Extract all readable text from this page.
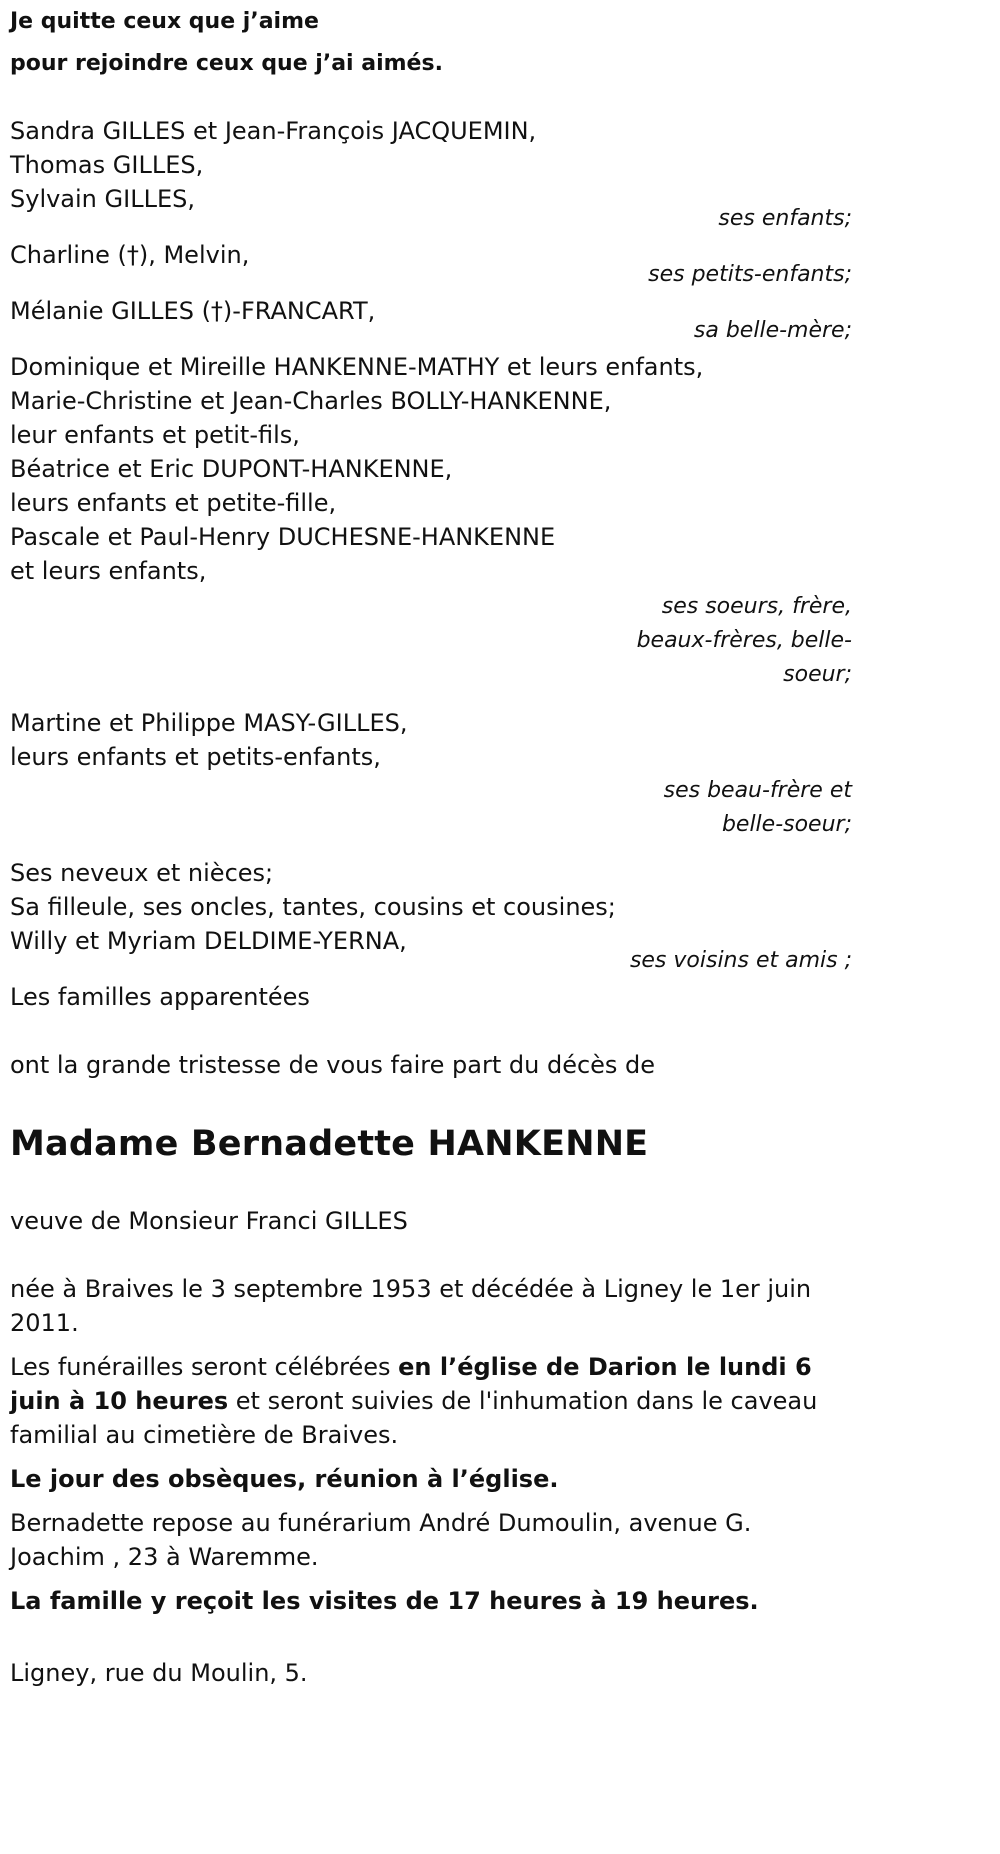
Je quitte ceux que j’aime

pour rejoindre ceux que j’ai aimés.

Sandra GILLES et Jean-François JACQUEMIN,
Thomas GILLES,
Sylvain GILLES,
ses enfants;
Charline (†), Melvin,
ses petits-enfants;
Mélanie GILLES (†)-FRANCART,
sa belle-mère;
Dominique et Mireille HANKENNE-MATHY et leurs enfants,
Marie-Christine et Jean-Charles BOLLY-HANKENNE,
leur enfants et petit-fils,
Béatrice et Eric DUPONT-HANKENNE,
leurs enfants et petite-fille,
Pascale et Paul-Henry DUCHESNE-HANKENNE
et leurs enfants,
ses soeurs, frère,
beaux-frères, belle-
soeur;
Martine et Philippe MASY-GILLES,
leurs enfants et petits-enfants,
ses beau-frère et
belle-soeur;
Ses neveux et nièces;
Sa filleule, ses oncles, tantes, cousins et cousines;
Willy et Myriam DELDIME-YERNA,
ses voisins et amis ;
Les familles apparentées

ont la grande tristesse de vous faire part du décès de

Madame Bernadette HANKENNE

veuve de Monsieur Franci GILLES

née à Braives le 3 septembre 1953 et décédée à Ligney le 1er juin 2011.

Les funérailles seront célébrées en l’église de Darion le lundi 6 juin à 10 heures et seront suivies de l'inhumation dans le caveau familial au cimetière de Braives.

Le jour des obsèques, réunion à l’église.

Bernadette repose au funérarium André Dumoulin, avenue G. Joachim , 23 à Waremme.

La famille y reçoit les visites de 17 heures à 19 heures.

Ligney, rue du Moulin, 5.
